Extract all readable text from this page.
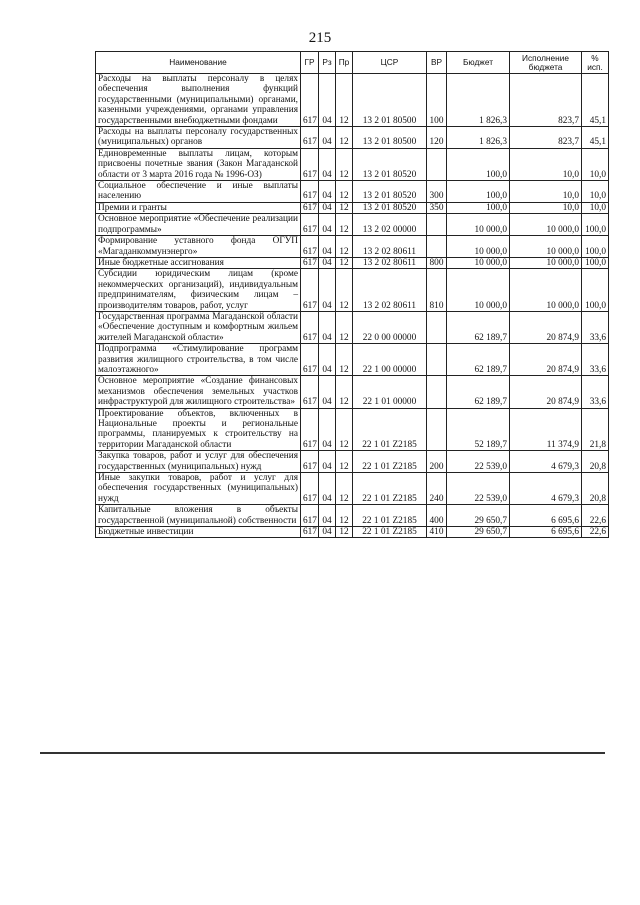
215
Наименование	ГР	Рз	Пр	ЦСР	ВР	Бюджет	Исполнение бюджета	% исп.
Расходы на выплаты персоналу в целях обеспечения выполнения функций государственными (муниципальными) органами, казенными учреждениями, органами управления государственными внебюджетными фондами	617	04	12	13 2 01 80500	100	1 826,3	823,7	45,1
Расходы на выплаты персоналу государственных (муниципальных) органов	617	04	12	13 2 01 80500	120	1 826,3	823,7	45,1
Единовременные выплаты лицам, которым присвоены почетные звания (Закон Магаданской области от 3 марта 2016 года № 1996-ОЗ)	617	04	12	13 2 01 80520		100,0	10,0	10,0
Социальное обеспечение и иные выплаты населению	617	04	12	13 2 01 80520	300	100,0	10,0	10,0
Премии и гранты	617	04	12	13 2 01 80520	350	100,0	10,0	10,0
Основное мероприятие «Обеспечение реализации подпрограммы»	617	04	12	13 2 02 00000		10 000,0	10 000,0	100,0
Формирование уставного фонда ОГУП «Магаданкоммунэнерго»	617	04	12	13 2 02 80611		10 000,0	10 000,0	100,0
Иные бюджетные ассигнования	617	04	12	13 2 02 80611	800	10 000,0	10 000,0	100,0
Субсидии юридическим лицам (кроме некоммерческих организаций), индивидуальным предпринимателям, физическим лицам – производителям товаров, работ, услуг	617	04	12	13 2 02 80611	810	10 000,0	10 000,0	100,0
Государственная программа Магаданской области «Обеспечение доступным и комфортным жильем жителей Магаданской области»	617	04	12	22 0 00 00000		62 189,7	20 874,9	33,6
Подпрограмма «Стимулирование программ развития жилищного строительства, в том числе малоэтажного»	617	04	12	22 1 00 00000		62 189,7	20 874,9	33,6
Основное мероприятие «Создание финансовых механизмов обеспечения земельных участков инфраструктурой для жилищного строительства»	617	04	12	22 1 01 00000		62 189,7	20 874,9	33,6
Проектирование объектов, включенных в Национальные проекты и региональные программы, планируемых к строительству на территории Магаданской области	617	04	12	22 1 01 Z2185		52 189,7	11 374,9	21,8
Закупка товаров, работ и услуг для обеспечения государственных (муниципальных) нужд	617	04	12	22 1 01 Z2185	200	22 539,0	4 679,3	20,8
Иные закупки товаров, работ и услуг для обеспечения государственных (муниципальных) нужд	617	04	12	22 1 01 Z2185	240	22 539,0	4 679,3	20,8
Капитальные вложения в объекты государственной (муниципальной) собственности	617	04	12	22 1 01 Z2185	400	29 650,7	6 695,6	22,6
Бюджетные инвестиции	617	04	12	22 1 01 Z2185	410	29 650,7	6 695,6	22,6
